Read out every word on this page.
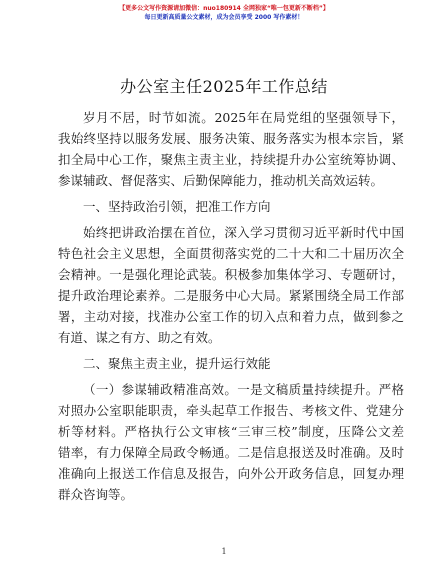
【更多公文写作资源请加微信：nuo180914 全网独家“唯一包更新不断档”】
每日更新高质量公文素材，成为会员享受 2000 写作素材！
办公室主任2025年工作总结
岁月不居，时节如流。2025年在局党组的坚强领导下，
我始终坚持以服务发展、服务决策、服务落实为根本宗旨，紧
扣全局中心工作，聚焦主责主业，持续提升办公室统筹协调、
参谋辅政、督促落实、后勤保障能力，推动机关高效运转。
一、坚持政治引领，把准工作方向
始终把讲政治摆在首位，深入学习贯彻习近平新时代中国
特色社会主义思想，全面贯彻落实党的二十大和二十届历次全
会精神。一是强化理论武装。积极参加集体学习、专题研讨，
提升政治理论素养。二是服务中心大局。紧紧围绕全局工作部
署，主动对接，找准办公室工作的切入点和着力点，做到参之
有道、谋之有方、助之有效。
二、聚焦主责主业，提升运行效能
（一）参谋辅政精准高效。一是文稿质量持续提升。严格
对照办公室职能职责，牵头起草工作报告、考核文件、党建分
析等材料。严格执行公文审核“三审三校”制度，压降公文差
错率，有力保障全局政令畅通。二是信息报送及时准确。及时
准确向上报送工作信息及报告，向外公开政务信息，回复办理
群众咨询等。
1
